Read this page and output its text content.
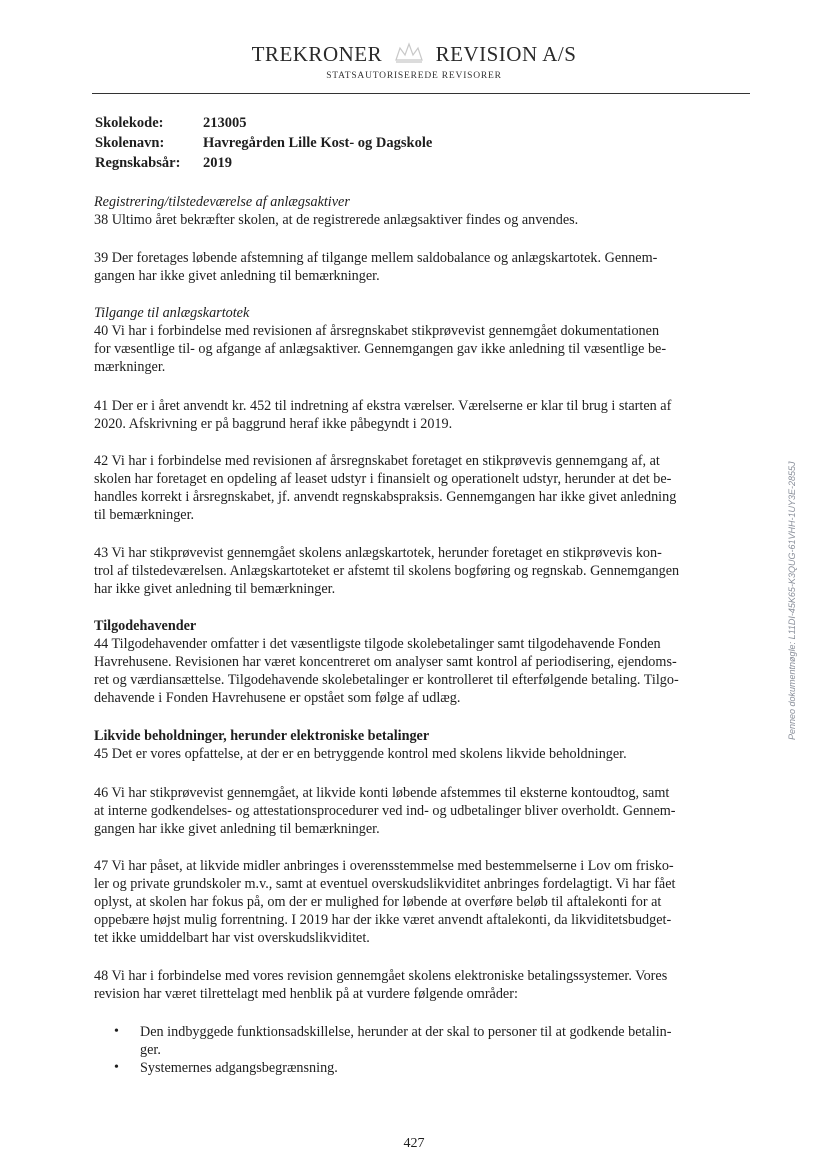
TREKRONER	REVISION A/S
STATSAUTORISEREDE REVISORER
Skolekode:	213005
Skolenavn:	Havregården Lille Kost- og Dagskole
Regnskabsår:	2019
Registrering/tilstedeværelse af anlægsaktiver
38 Ultimo året bekræfter skolen, at de registrerede anlægsaktiver findes og anvendes.
39 Der foretages løbende afstemning af tilgange mellem saldobalance og anlægskartotek. Gennem-
gangen har ikke givet anledning til bemærkninger.
Tilgange til anlægskartotek
40 Vi har i forbindelse med revisionen af årsregnskabet stikprøvevist gennemgået dokumentationen
for væsentlige til- og afgange af anlægsaktiver. Gennemgangen gav ikke anledning til væsentlige be-
mærkninger.
41 Der er i året anvendt kr. 452 til indretning af ekstra værelser. Værelserne er klar til brug i starten af
2020. Afskrivning er på baggrund heraf ikke påbegyndt i 2019.
42 Vi har i forbindelse med revisionen af årsregnskabet foretaget en stikprøvevis gennemgang af, at
skolen har foretaget en opdeling af leaset udstyr i finansielt og operationelt udstyr, herunder at det be-
handles korrekt i årsregnskabet, jf. anvendt regnskabspraksis. Gennemgangen har ikke givet anledning
til bemærkninger.
43 Vi har stikprøvevist gennemgået skolens anlægskartotek, herunder foretaget en stikprøvevis kon-
trol af tilstedeværelsen. Anlægskartoteket er afstemt til skolens bogføring og regnskab. Gennemgangen
har ikke givet anledning til bemærkninger.
Tilgodehavender
44 Tilgodehavender omfatter i det væsentligste tilgode skolebetalinger samt tilgodehavende Fonden
Havrehusene. Revisionen har været koncentreret om analyser samt kontrol af periodisering, ejendoms-
ret og værdiansættelse. Tilgodehavende skolebetalinger er kontrolleret til efterfølgende betaling. Tilgo-
dehavende i Fonden Havrehusene er opstået som følge af udlæg.
Likvide beholdninger, herunder elektroniske betalinger
45 Det er vores opfattelse, at der er en betryggende kontrol med skolens likvide beholdninger.
46 Vi har stikprøvevist gennemgået, at likvide konti løbende afstemmes til eksterne kontoudtog, samt
at interne godkendelses- og attestationsprocedurer ved ind- og udbetalinger bliver overholdt. Gennem-
gangen har ikke givet anledning til bemærkninger.
47 Vi har påset, at likvide midler anbringes i overensstemmelse med bestemmelserne i Lov om frisko-
ler og private grundskoler m.v., samt at eventuel overskudslikviditet anbringes fordelagtigt. Vi har fået
oplyst, at skolen har fokus på, om der er mulighed for løbende at overføre beløb til aftalekonti for at
oppebære højst mulig forrentning. I 2019 har der ikke været anvendt aftalekonti, da likviditetsbudget-
tet ikke umiddelbart har vist overskudslikviditet.
48 Vi har i forbindelse med vores revision gennemgået skolens elektroniske betalingssystemer. Vores
revision har været tilrettelagt med henblik på at vurdere følgende områder:
• Den indbyggede funktionsadskillelse, herunder at der skal to personer til at godkende betalin-
ger.
• Systemernes adgangsbegrænsning.
427
Penneo dokumentnøgle: L11DI-45K65-K3QUG-61VHH-1UY3E-2855J
